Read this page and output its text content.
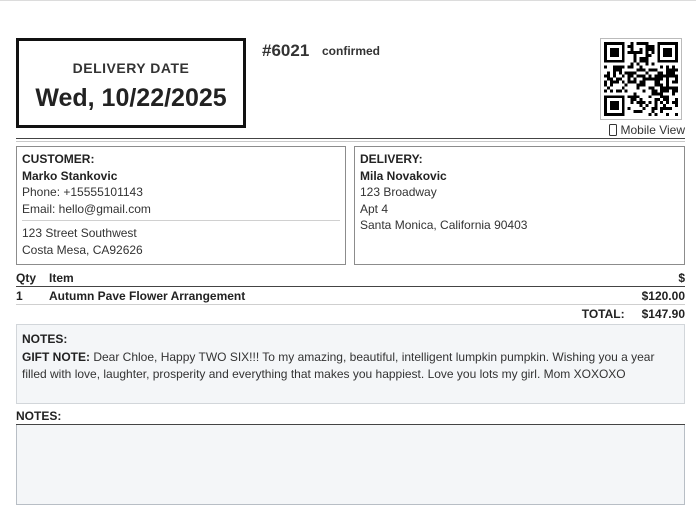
DELIVERY DATE
Wed, 10/22/2025
#6021 confirmed
Mobile View
CUSTOMER:
Marko Stankovic
Phone: +15555101143
Email: hello@gmail.com
123 Street Southwest
Costa Mesa, CA92626
DELIVERY:
Mila Novakovic
123 Broadway
Apt 4
Santa Monica, California 90403
Qty	Item	$
1	Autumn Pave Flower Arrangement	$120.00
TOTAL: $147.90
NOTES:
GIFT NOTE: Dear Chloe, Happy TWO SIX!!! To my amazing, beautiful, intelligent lumpkin pumpkin. Wishing you a year filled with love, laughter, prosperity and everything that makes you happiest. Love you lots my girl. Mom XOXOXO
NOTES:
